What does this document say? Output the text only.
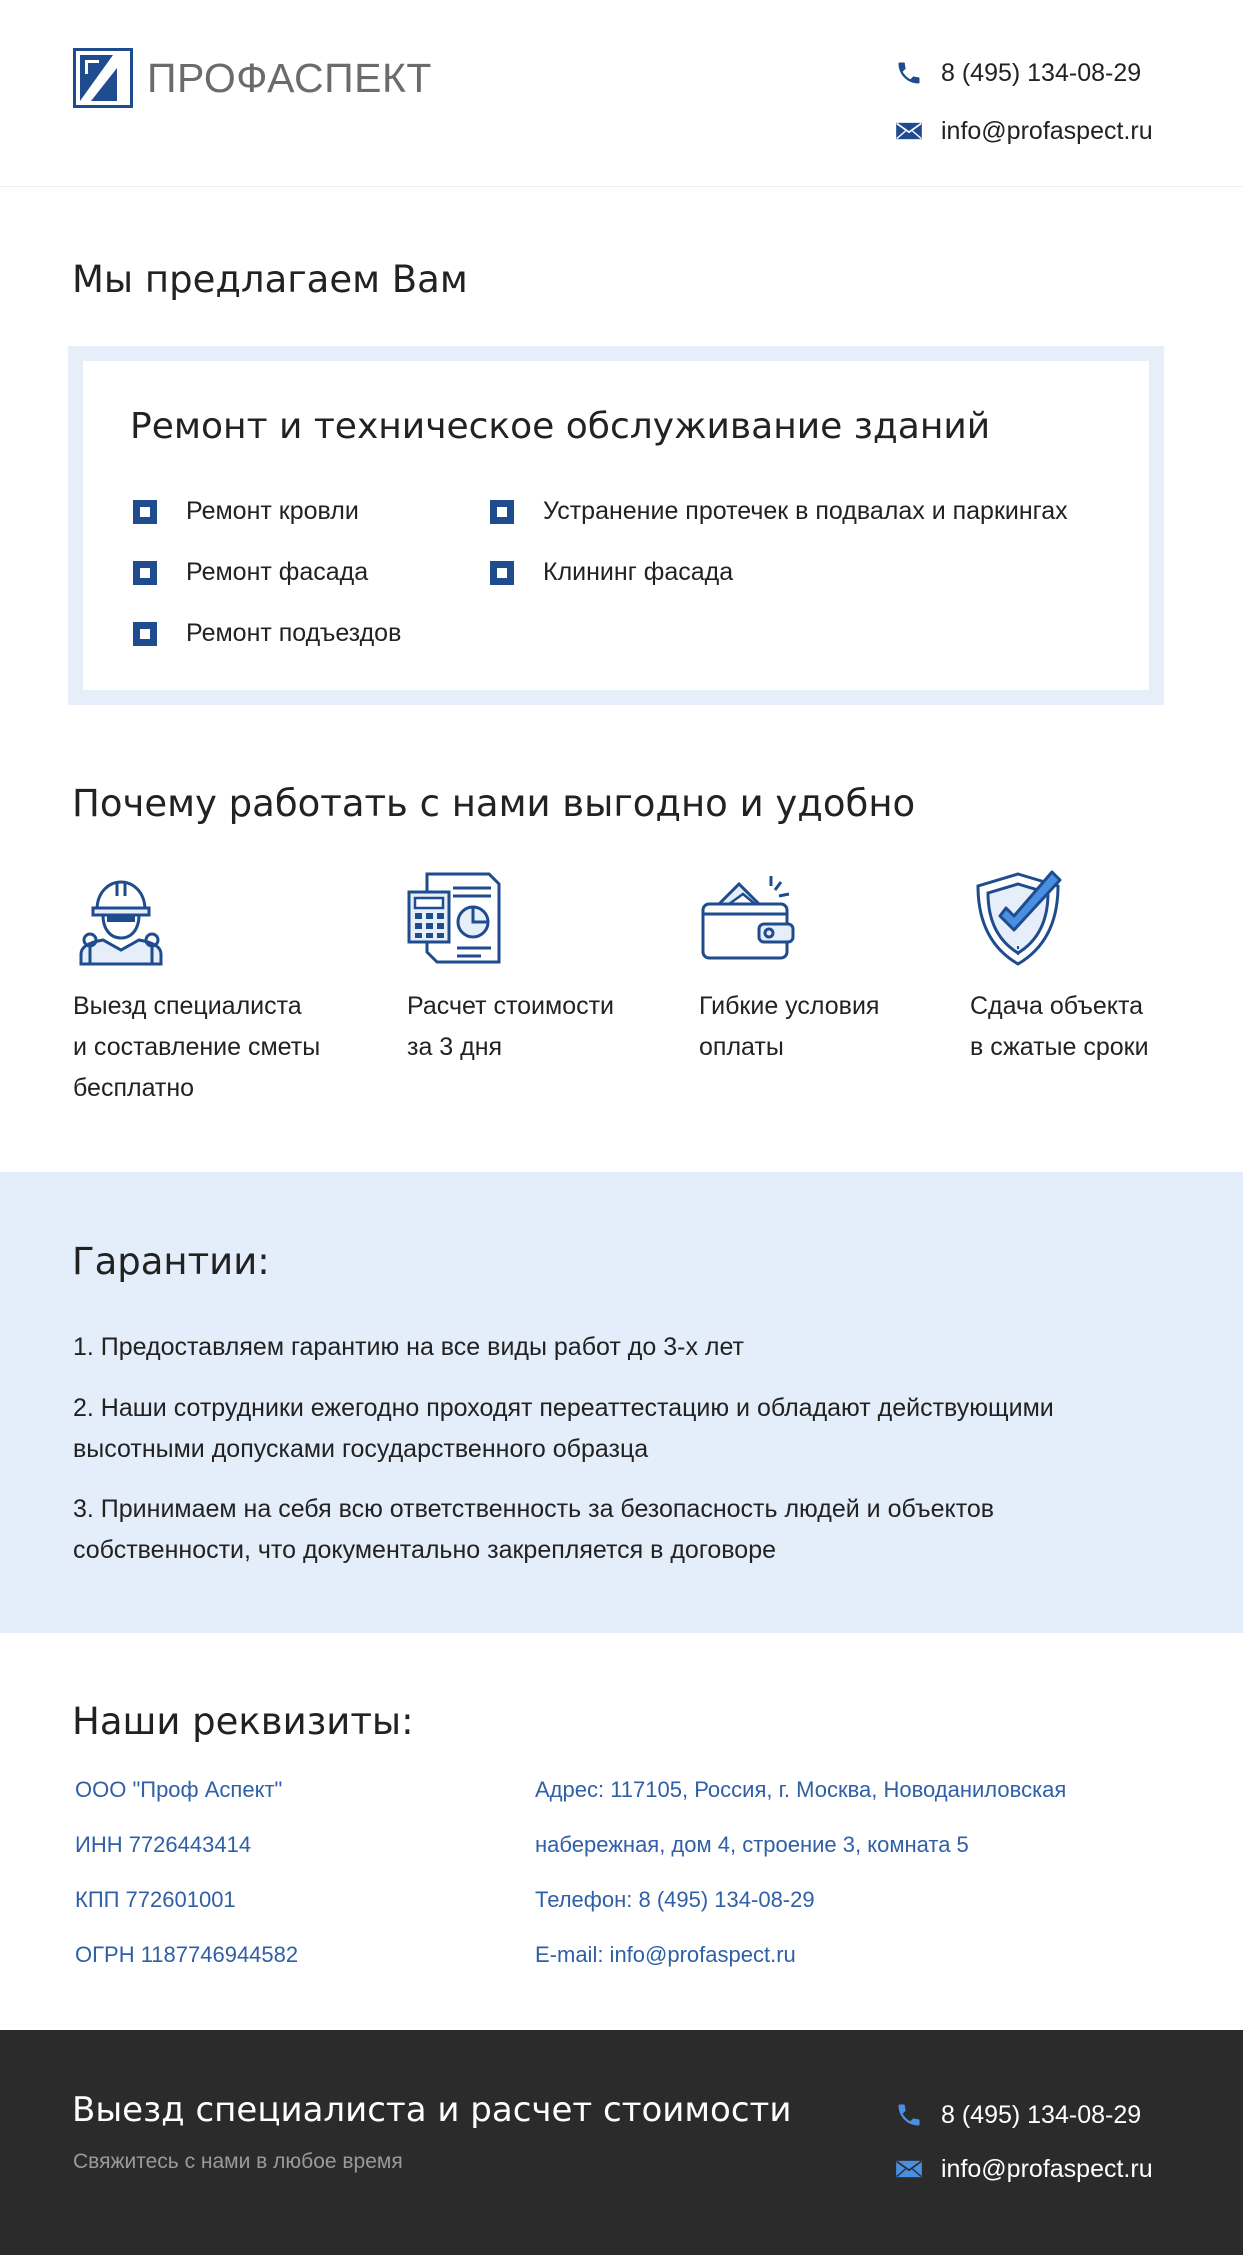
ПРОФАСПЕКТ	8 (495) 134-08-29
info@profaspect.ru
Мы предлагаем Вам
Ремонт и техническое обслуживание зданий
Ремонт кровли
Ремонт фасада
Ремонт подъездов
Устранение протечек в подвалах и паркингах
Клининг фасада
Почему работать с нами выгодно и удобно
Выезд специалиста
и составление сметы
бесплатно
Расчет стоимости
за 3 дня
Гибкие условия
оплаты
Сдача объекта
в сжатые сроки
Гарантии:
1. Предоставляем гарантию на все виды работ до 3-х лет
2. Наши сотрудники ежегодно проходят переаттестацию и обладают действующими
высотными допусками государственного образца
3. Принимаем на себя всю ответственность за безопасность людей и объектов
собственности, что документально закрепляется в договоре
Наши реквизиты:
ООО "Проф Аспект"
ИНН 7726443414
КПП 772601001
ОГРН 1187746944582
Адрес: 117105, Россия, г. Москва, Новоданиловская
набережная, дом 4, строение 3, комната 5
Телефон: 8 (495) 134-08-29
E-mail: info@profaspect.ru
Выезд специалиста и расчет стоимости
Свяжитесь с нами в любое время
8 (495) 134-08-29
info@profaspect.ru
